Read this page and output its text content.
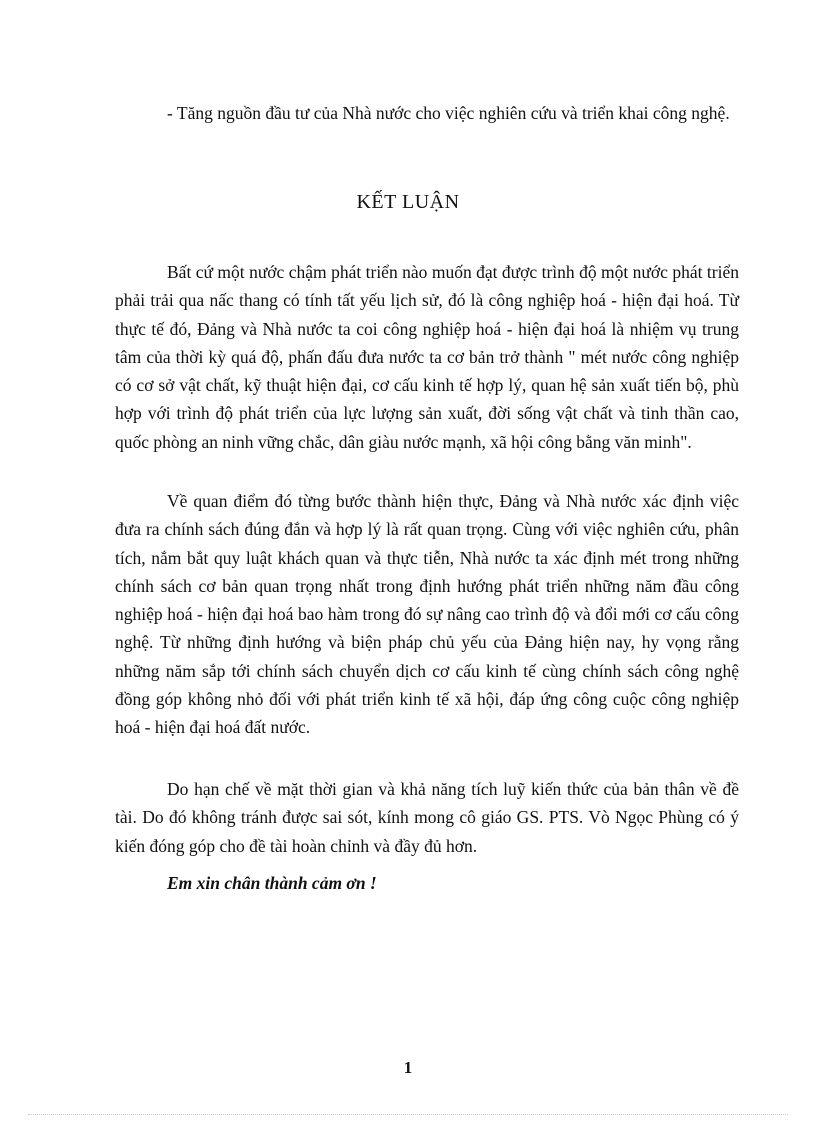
- Tăng nguồn đầu tư của Nhà nước cho việc nghiên cứu và triển khai công nghệ.

KẾT LUẬN

Bất cứ một nước chậm phát triển nào muốn đạt được trình độ một nước phát triển phải trải qua nấc thang có tính tất yếu lịch sử, đó là công nghiệp hoá - hiện đại hoá. Từ thực tế đó, Đảng và Nhà nước ta coi công nghiệp hoá - hiện đại hoá là nhiệm vụ trung tâm của thời kỳ quá độ, phấn đấu đưa nước ta cơ bản trở thành " mét nước công nghiệp có cơ sở vật chất, kỹ thuật hiện đại, cơ cấu kinh tế hợp lý, quan hệ sản xuất tiến bộ, phù hợp với trình độ phát triển của lực lượng sản xuất, đời sống vật chất và tinh thần cao, quốc phòng an ninh vững chắc, dân giàu nước mạnh, xã hội công bằng văn minh".

Về quan điểm đó từng bước thành hiện thực, Đảng và Nhà nước xác định việc đưa ra chính sách đúng đắn và hợp lý là rất quan trọng. Cùng với việc nghiên cứu, phân tích, nắm bắt quy luật khách quan và thực tiễn, Nhà nước ta xác định mét trong những chính sách cơ bản quan trọng nhất trong định hướng phát triển những năm đầu công nghiệp hoá - hiện đại hoá bao hàm trong đó sự nâng cao trình độ và đổi mới cơ cấu công nghệ. Từ những định hướng và biện pháp chủ yếu của Đảng hiện nay, hy vọng rằng những năm sắp tới chính sách chuyển dịch cơ cấu kinh tế cùng chính sách công nghệ đồng góp không nhỏ đối với phát triển kinh tế xã hội, đáp ứng công cuộc công nghiệp hoá - hiện đại hoá đất nước.

Do hạn chế về mặt thời gian và khả năng tích luỹ kiến thức của bản thân về đề tài. Do đó không tránh được sai sót, kính mong cô giáo GS. PTS. Vò Ngọc Phùng có ý kiến đóng góp cho đề tài hoàn chỉnh và đầy đủ hơn.

Em xin chân thành cảm ơn !

1
